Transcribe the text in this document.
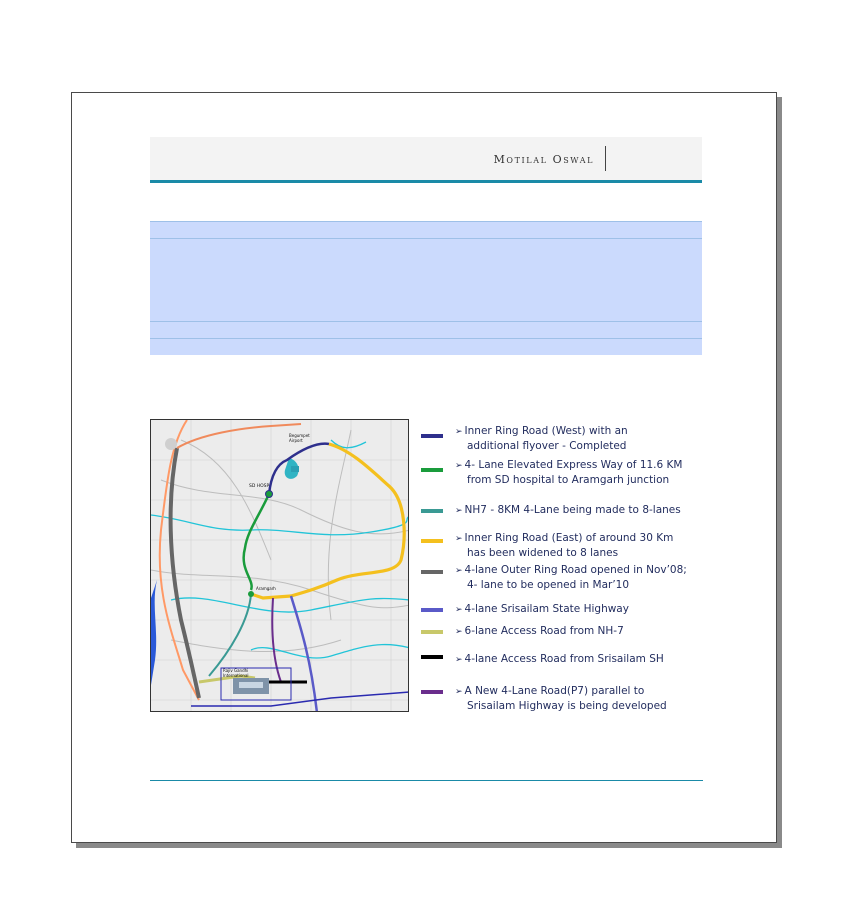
Motilal Oswal
Begumpet Airport
SD HOSP
Aramgarh
Rajiv Gandhi International
➢ Inner Ring Road (West) with an
additional flyover - Completed
➢ 4- Lane Elevated Express Way of 11.6 KM
from SD hospital to Aramgarh junction
➢ NH7 - 8KM 4-Lane being made to 8-lanes
➢ Inner Ring Road (East) of around 30 Km
has been widened to 8 lanes
➢ 4-lane Outer Ring Road opened in Nov’08;
4- lane to be opened in Mar’10
➢ 4-lane Srisailam State Highway
➢ 6-lane Access Road from NH-7
➢ 4-lane Access Road from Srisailam SH
➢ A New 4-Lane Road(P7) parallel to
Srisailam Highway is being developed
